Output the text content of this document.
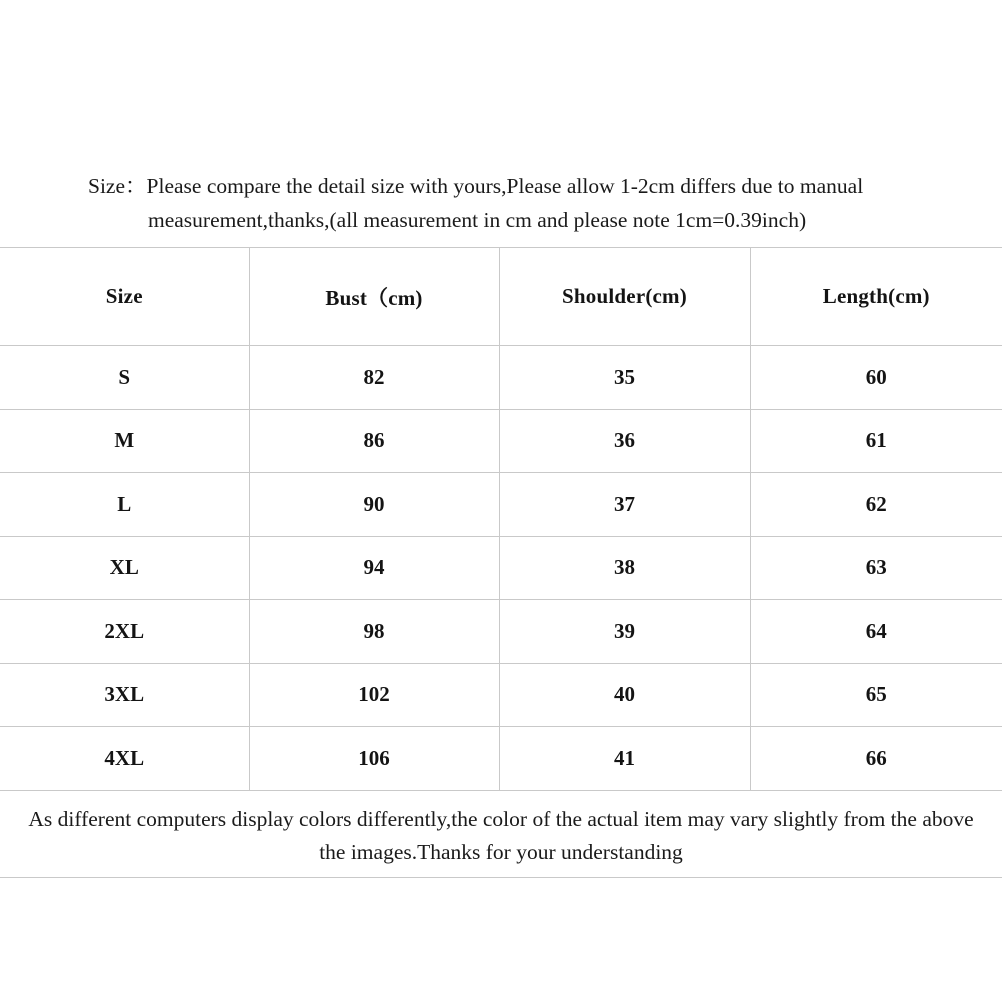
Size：Please compare the detail size with yours,Please allow 1-2cm differs due to manual
measurement,thanks,(all measurement in cm and please note 1cm=0.39inch)
Size	Bust（cm)	Shoulder(cm)	Length(cm)
S	82	35	60
M	86	36	61
L	90	37	62
XL	94	38	63
2XL	98	39	64
3XL	102	40	65
4XL	106	41	66
As different computers display colors differently,the color of the actual item may vary slightly from the above
the images.Thanks for your understanding
